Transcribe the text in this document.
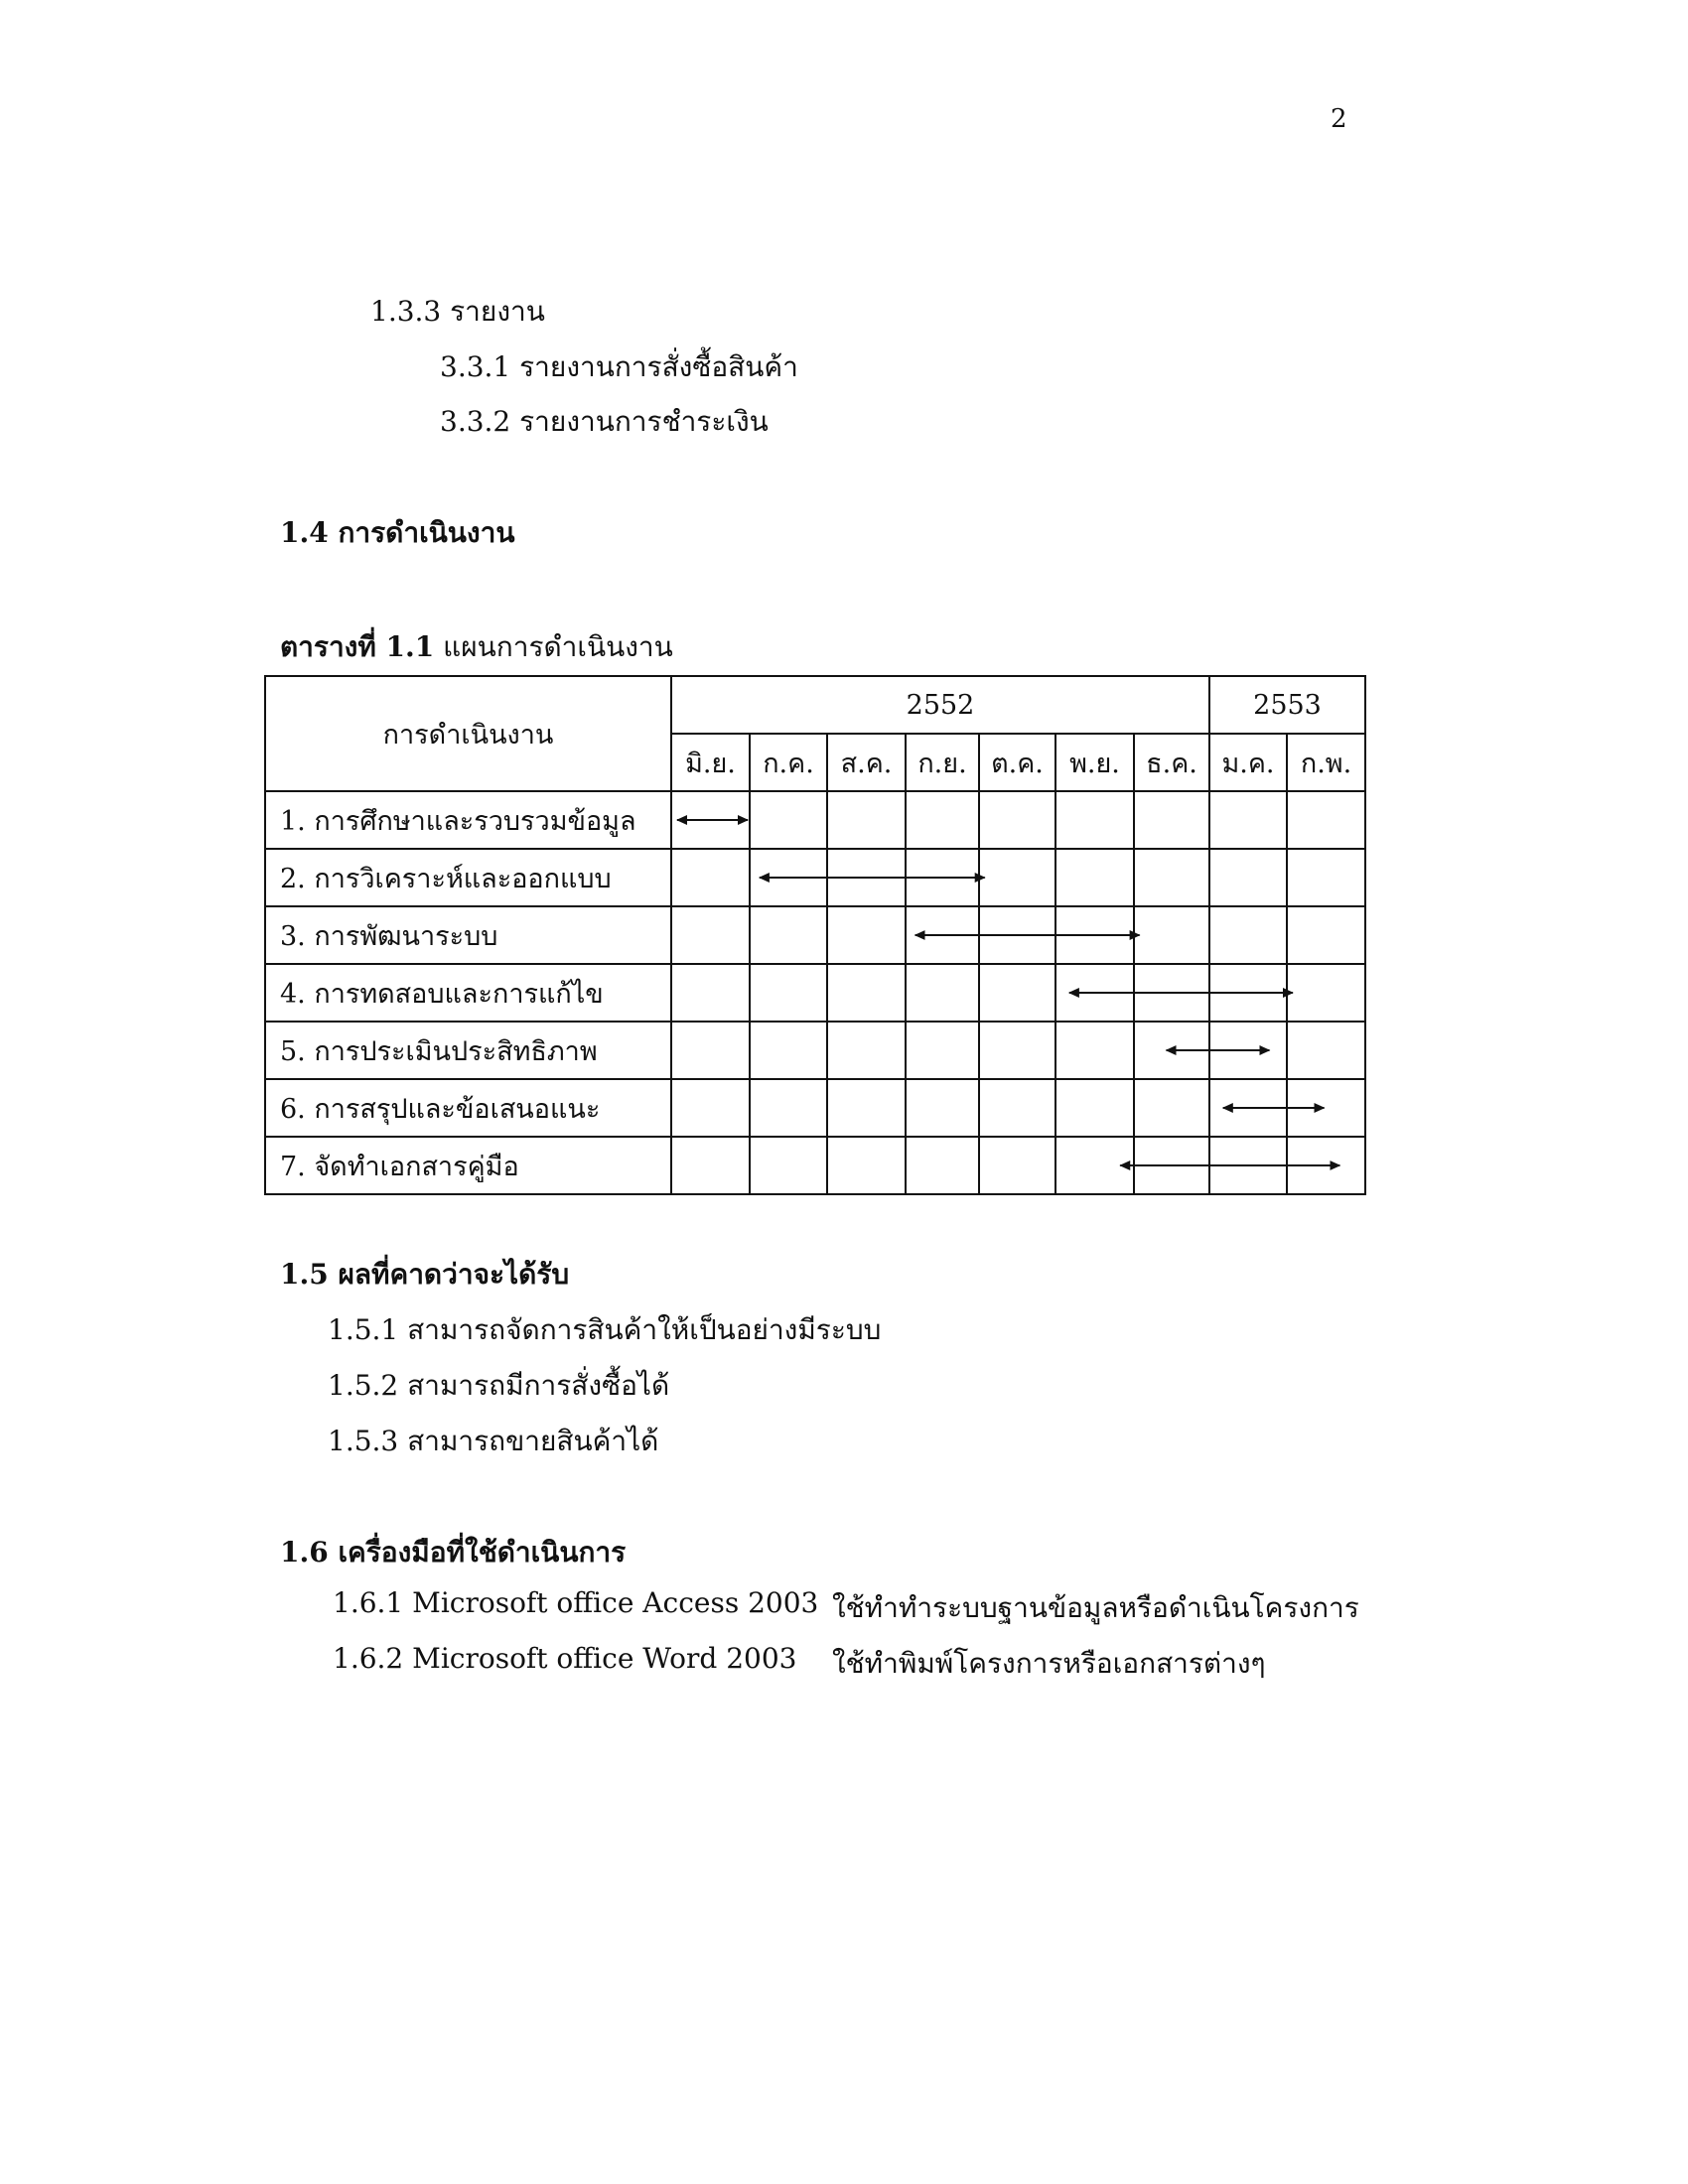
2
1.3.3 รายงาน
3.3.1 รายงานการสั่งซื้อสินค้า
3.3.2 รายงานการชำระเงิน
1.4 การดำเนินงาน
ตารางที่ 1.1 แผนการดำเนินงาน
การดำเนินงาน	2552							2553	
	มิ.ย.	ก.ค.	ส.ค.	ก.ย.	ต.ค.	พ.ย.	ธ.ค.	ม.ค.	ก.พ.
1. การศึกษาและรวบรวมข้อมูล									
2. การวิเคราะห์และออกแบบ									
3. การพัฒนาระบบ									
4. การทดสอบและการแก้ไข									
5. การประเมินประสิทธิภาพ									
6. การสรุปและข้อเสนอแนะ									
7. จัดทำเอกสารคู่มือ									
1.5 ผลที่คาดว่าจะได้รับ
1.5.1 สามารถจัดการสินค้าให้เป็นอย่างมีระบบ
1.5.2 สามารถมีการสั่งซื้อได้
1.5.3 สามารถขายสินค้าได้
1.6 เครื่องมือที่ใช้ดำเนินการ
1.6.1 Microsoft office Access 2003 ใช้ทำทำระบบฐานข้อมูลหรือดำเนินโครงการ
1.6.2 Microsoft office Word 2003 ใช้ทำพิมพ์โครงการหรือเอกสารต่างๆ
